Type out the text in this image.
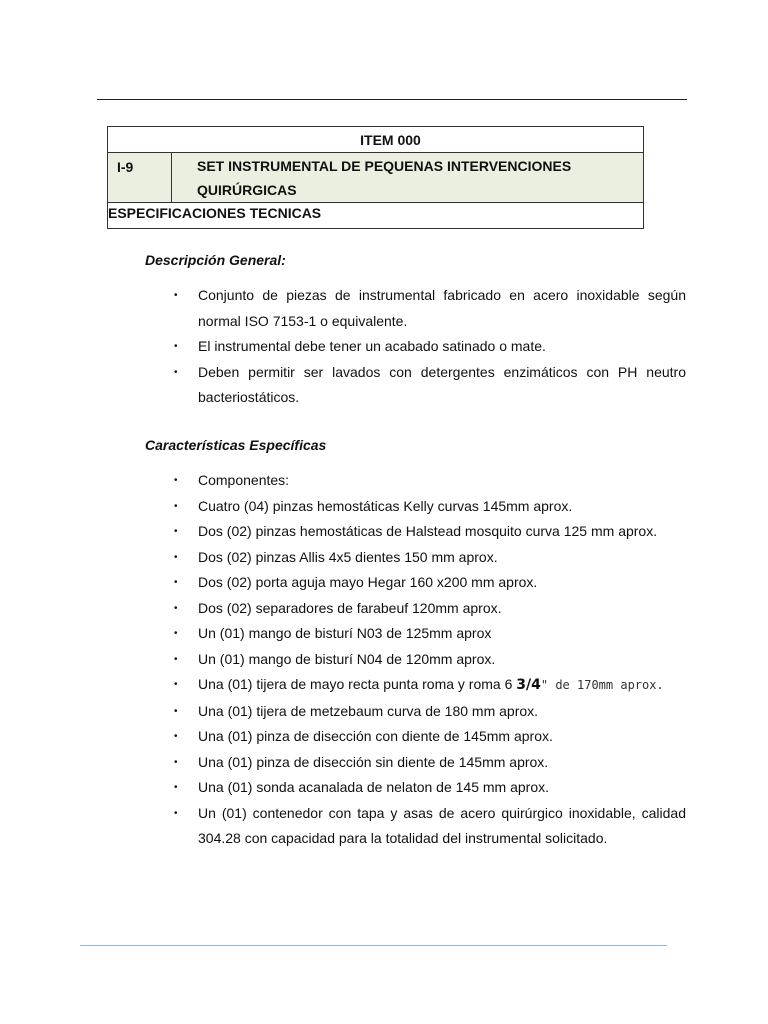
ITEM 000
I-9	SET INSTRUMENTAL DE PEQUENAS INTERVENCIONES
QUIRÚRGICAS
ESPECIFICACIONES TECNICAS
Descripción General:
•	Conjunto de piezas de instrumental fabricado en acero inoxidable según normal ISO 7153-1 o equivalente.
•	El instrumental debe tener un acabado satinado o mate.
•	Deben permitir ser lavados con detergentes enzimáticos con PH neutro bacteriostáticos.
Características Específicas
•	Componentes:
•	Cuatro (04) pinzas hemostáticas Kelly curvas 145mm aprox.
•	Dos (02) pinzas hemostáticas de Halstead mosquito curva 125 mm aprox.
•	Dos (02) pinzas Allis 4x5 dientes 150 mm aprox.
•	Dos (02) porta aguja mayo Hegar 160 x200 mm aprox.
•	Dos (02) separadores de farabeuf 120mm aprox.
•	Un (01) mango de bisturí N03 de 125mm aprox
•	Un (01) mango de bisturí N04 de 120mm aprox.
•	Una (01) tijera de mayo recta punta roma y roma 6 3/4" de 170mm aprox.
•	Una (01) tijera de metzebaum curva de 180 mm aprox.
•	Una (01) pinza de disección con diente de 145mm aprox.
•	Una (01) pinza de disección sin diente de 145mm aprox.
•	Una (01) sonda acanalada de nelaton de 145 mm aprox.
•	Un (01) contenedor con tapa y asas de acero quirúrgico inoxidable, calidad 304.28 con capacidad para la totalidad del instrumental solicitado.
